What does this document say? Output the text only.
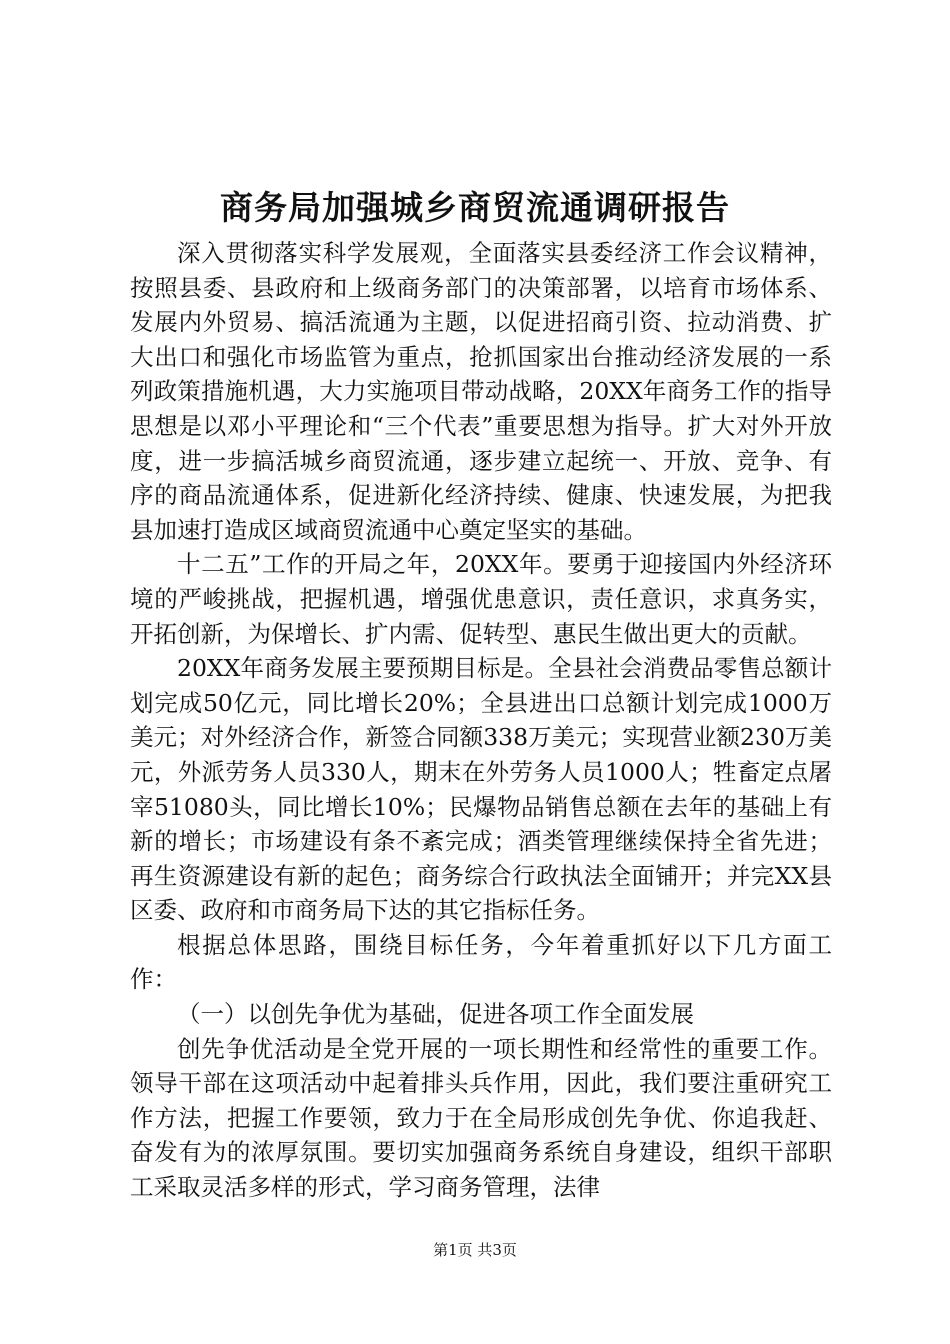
商务局加强城乡商贸流通调研报告

深入贯彻落实科学发展观，全面落实县委经济工作会议精神，按照县委、县政府和上级商务部门的决策部署，以培育市场体系、发展内外贸易、搞活流通为主题，以促进招商引资、拉动消费、扩大出口和强化市场监管为重点，抢抓国家出台推动经济发展的一系列政策措施机遇，大力实施项目带动战略，20XX年商务工作的指导思想是以邓小平理论和“三个代表”重要思想为指导。扩大对外开放度，进一步搞活城乡商贸流通，逐步建立起统一、开放、竞争、有序的商品流通体系，促进新化经济持续、健康、快速发展，为把我县加速打造成区域商贸流通中心奠定坚实的基础。

十二五”工作的开局之年，20XX年。要勇于迎接国内外经济环境的严峻挑战，把握机遇，增强优患意识，责任意识，求真务实，开拓创新，为保增长、扩内需、促转型、惠民生做出更大的贡献。

20XX年商务发展主要预期目标是。全县社会消费品零售总额计划完成50亿元，同比增长20%；全县进出口总额计划完成1000万美元；对外经济合作，新签合同额338万美元；实现营业额230万美元，外派劳务人员330人，期末在外劳务人员1000人；牲畜定点屠宰51080头，同比增长10%；民爆物品销售总额在去年的基础上有新的增长；市场建设有条不紊完成；酒类管理继续保持全省先进；再生资源建设有新的起色；商务综合行政执法全面铺开；并完XX县区委、政府和市商务局下达的其它指标任务。

根据总体思路，围绕目标任务，今年着重抓好以下几方面工作：

（一）以创先争优为基础，促进各项工作全面发展

创先争优活动是全党开展的一项长期性和经常性的重要工作。领导干部在这项活动中起着排头兵作用，因此，我们要注重研究工作方法，把握工作要领，致力于在全局形成创先争优、你追我赶、奋发有为的浓厚氛围。要切实加强商务系统自身建设，组织干部职工采取灵活多样的形式，学习商务管理，法律

第1页 共3页
